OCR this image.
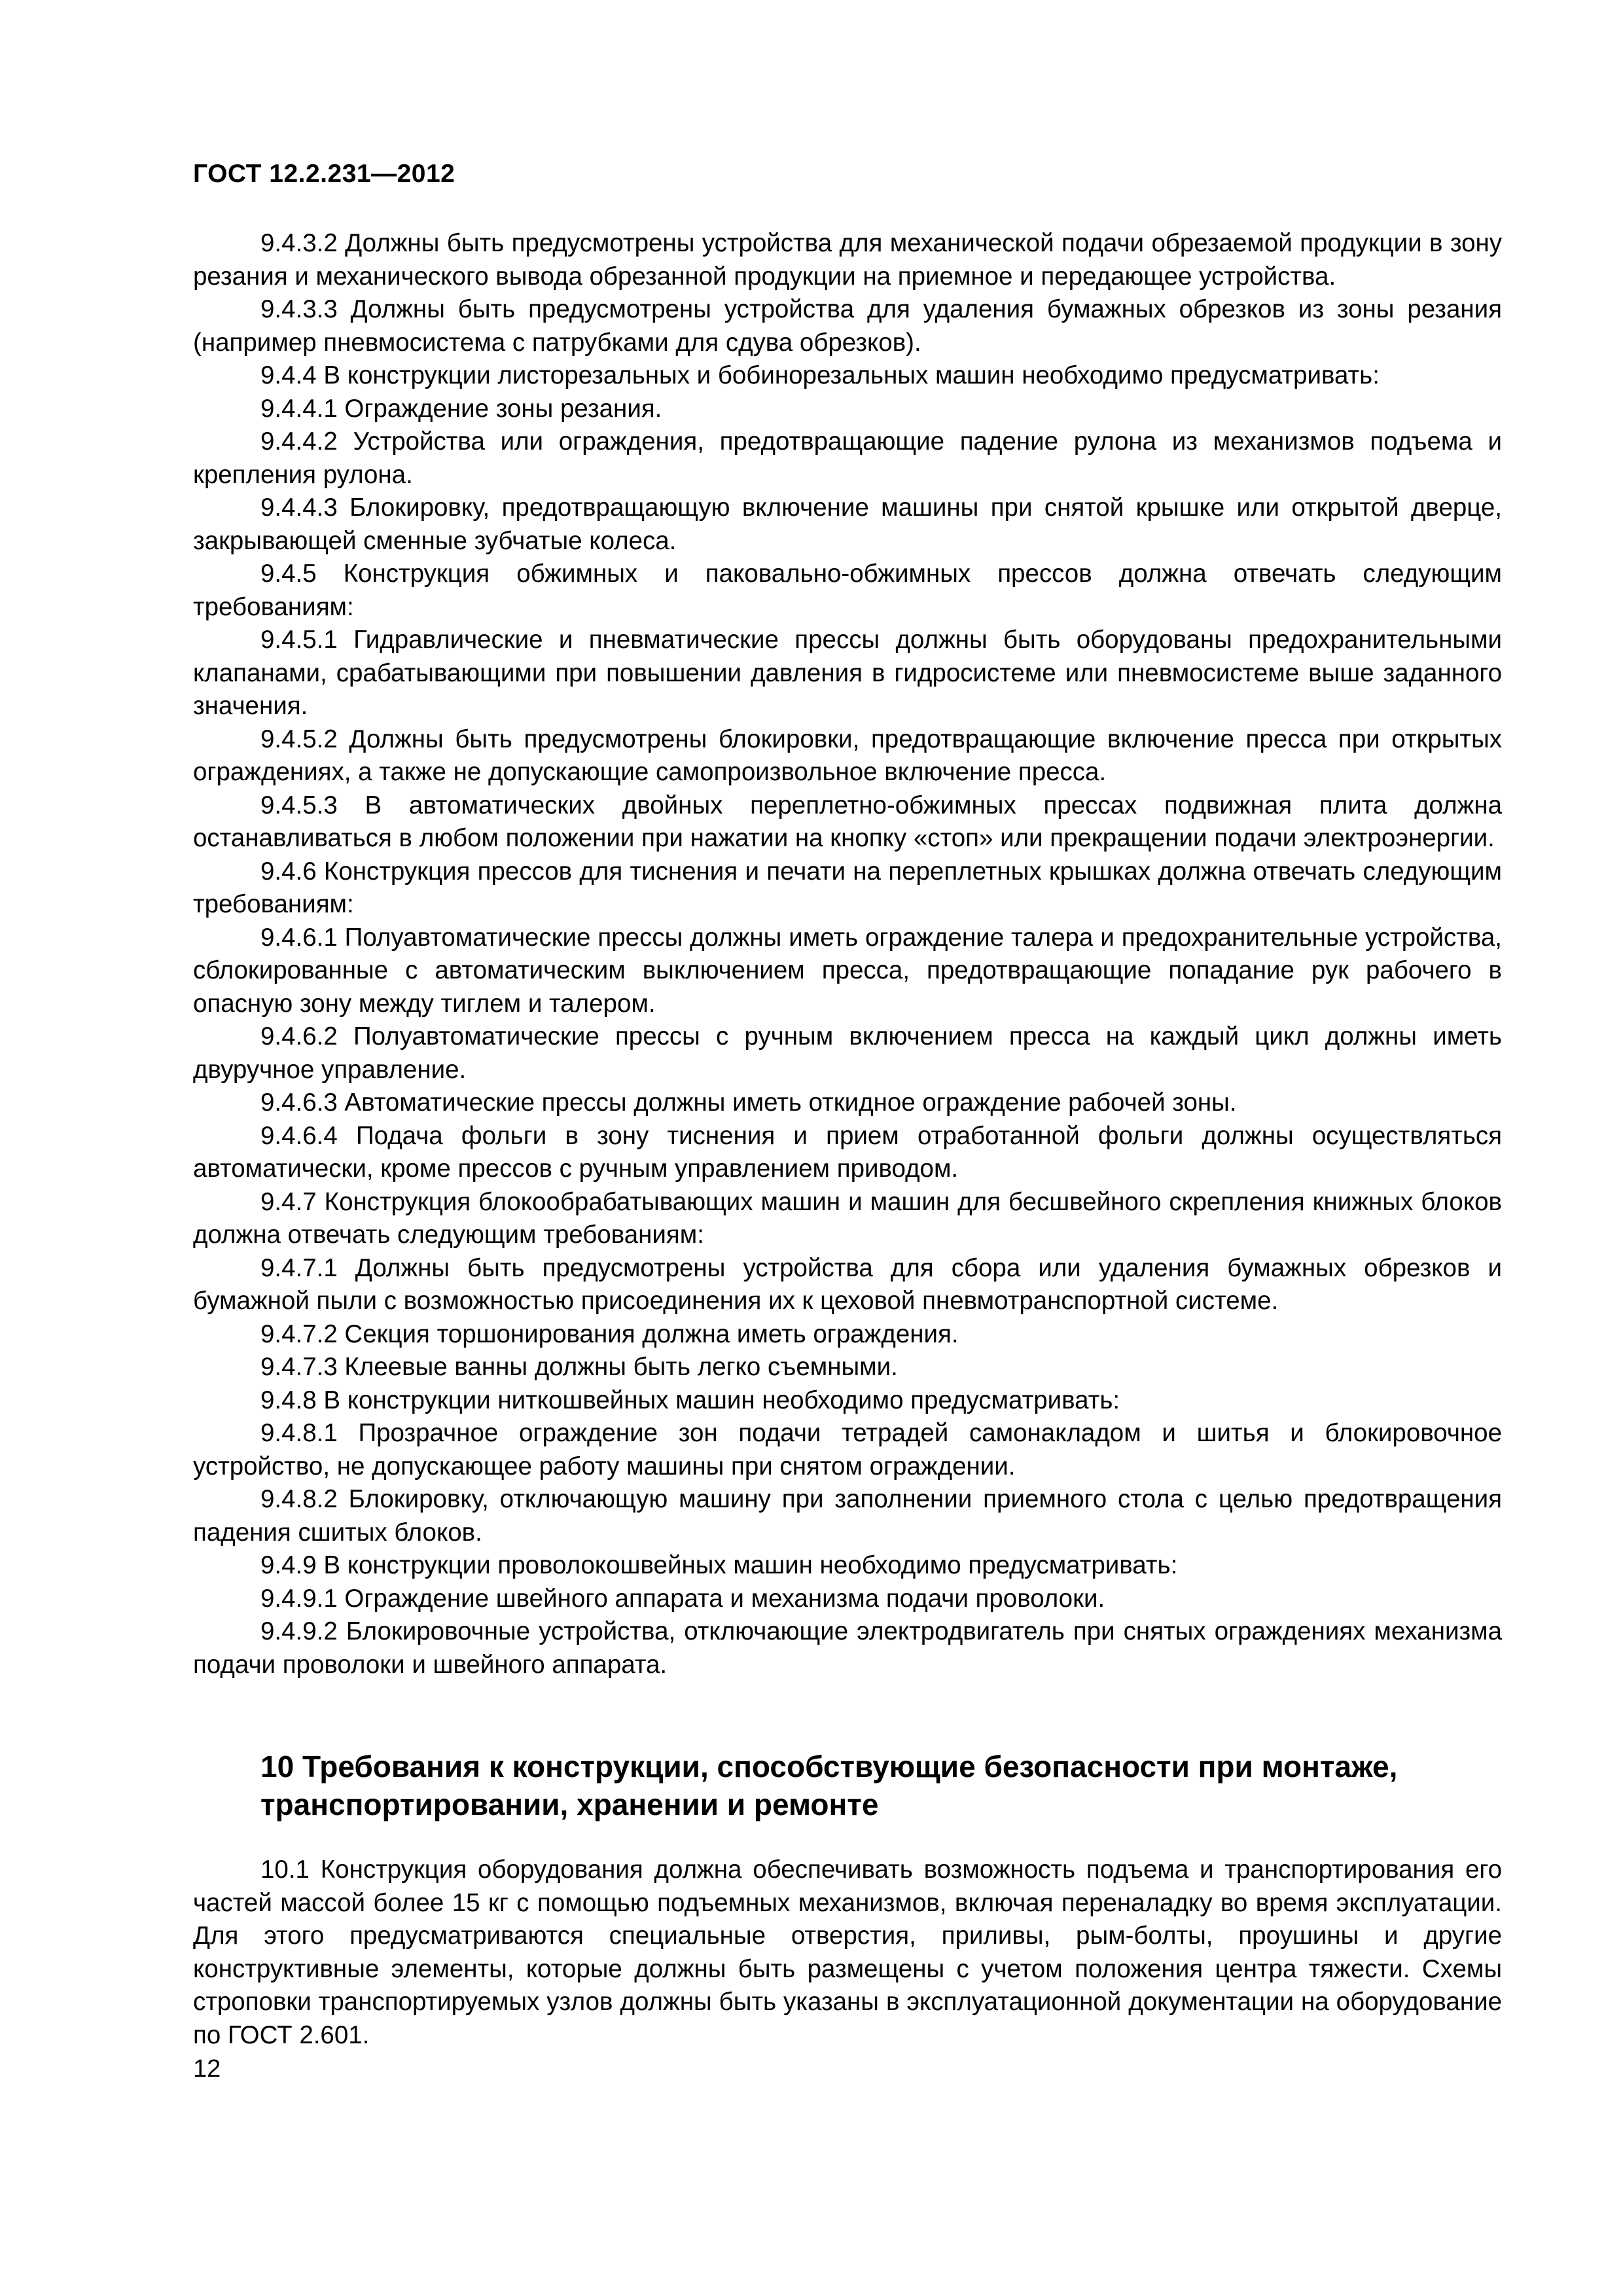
ГОСТ 12.2.231—2012

9.4.3.2 Должны быть предусмотрены устройства для механической подачи обрезаемой продукции в зону резания и механического вывода обрезанной продукции на приемное и передающее устройства.

9.4.3.3 Должны быть предусмотрены устройства для удаления бумажных обрезков из зоны резания (например пневмосистема с патрубками для сдува обрезков).

9.4.4 В конструкции листорезальных и бобинорезальных машин необходимо предусматривать:

9.4.4.1 Ограждение зоны резания.

9.4.4.2 Устройства или ограждения, предотвращающие падение рулона из механизмов подъема и крепления рулона.

9.4.4.3 Блокировку, предотвращающую включение машины при снятой крышке или открытой дверце, закрывающей сменные зубчатые колеса.

9.4.5 Конструкция обжимных и паковально-обжимных прессов должна отвечать следующим требованиям:

9.4.5.1 Гидравлические и пневматические прессы должны быть оборудованы предохранительными клапанами, срабатывающими при повышении давления в гидросистеме или пневмосистеме выше заданного значения.

9.4.5.2 Должны быть предусмотрены блокировки, предотвращающие включение пресса при открытых ограждениях, а также не допускающие самопроизвольное включение пресса.

9.4.5.3 В автоматических двойных переплетно-обжимных прессах подвижная плита должна останавливаться в любом положении при нажатии на кнопку «стоп» или прекращении подачи электроэнергии.

9.4.6 Конструкция прессов для тиснения и печати на переплетных крышках должна отвечать следующим требованиям:

9.4.6.1 Полуавтоматические прессы должны иметь ограждение талера и предохранительные устройства, сблокированные с автоматическим выключением пресса, предотвращающие попадание рук рабочего в опасную зону между тиглем и талером.

9.4.6.2 Полуавтоматические прессы с ручным включением пресса на каждый цикл должны иметь двуручное управление.

9.4.6.3 Автоматические прессы должны иметь откидное ограждение рабочей зоны.

9.4.6.4 Подача фольги в зону тиснения и прием отработанной фольги должны осуществляться автоматически, кроме прессов с ручным управлением приводом.

9.4.7 Конструкция блокообрабатывающих машин и машин для бесшвейного скрепления книжных блоков должна отвечать следующим требованиям:

9.4.7.1 Должны быть предусмотрены устройства для сбора или удаления бумажных обрезков и бумажной пыли с возможностью присоединения их к цеховой пневмотранспортной системе.

9.4.7.2 Секция торшонирования должна иметь ограждения.

9.4.7.3 Клеевые ванны должны быть легко съемными.

9.4.8 В конструкции ниткошвейных машин необходимо предусматривать:

9.4.8.1 Прозрачное ограждение зон подачи тетрадей самонакладом и шитья и блокировочное устройство, не допускающее работу машины при снятом ограждении.

9.4.8.2 Блокировку, отключающую машину при заполнении приемного стола с целью предотвращения падения сшитых блоков.

9.4.9 В конструкции проволокошвейных машин необходимо предусматривать:

9.4.9.1 Ограждение швейного аппарата и механизма подачи проволоки.

9.4.9.2 Блокировочные устройства, отключающие электродвигатель при снятых ограждениях механизма подачи проволоки и швейного аппарата.

10 Требования к конструкции, способствующие безопасности при монтаже, транспортировании, хранении и ремонте

10.1 Конструкция оборудования должна обеспечивать возможность подъема и транспортирования его частей массой более 15 кг с помощью подъемных механизмов, включая переналадку во время эксплуатации. Для этого предусматриваются специальные отверстия, приливы, рым-болты, проушины и другие конструктивные элементы, которые должны быть размещены с учетом положения центра тяжести. Схемы строповки транспортируемых узлов должны быть указаны в эксплуатационной документации на оборудование по ГОСТ 2.601.

12
